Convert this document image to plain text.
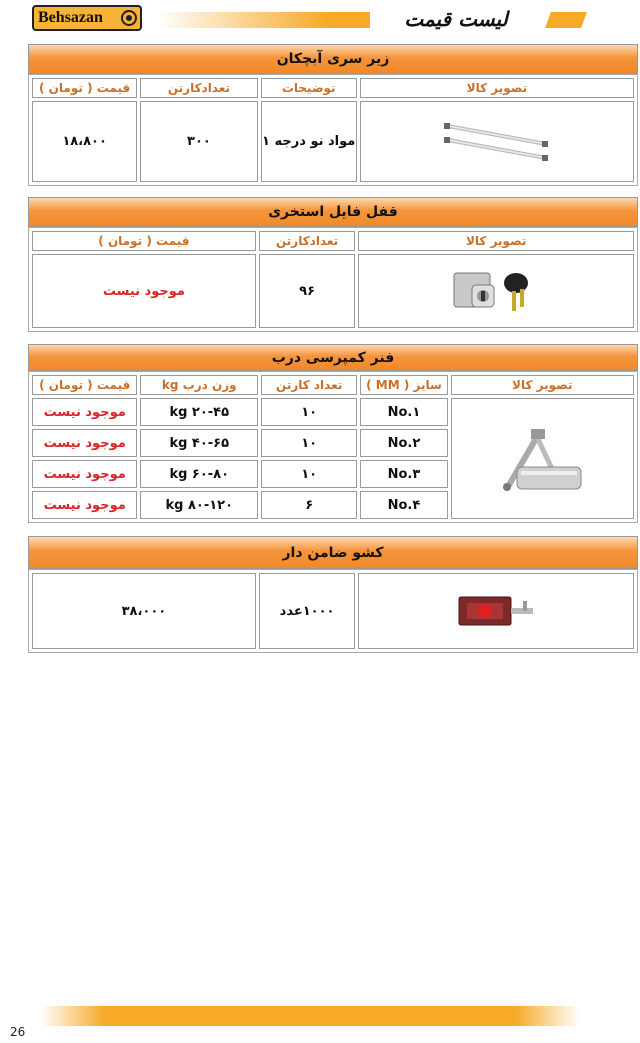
Behsazan	لیست قیمت
زیر سری آبچکان
تصویر کالا	توضیحات	تعدادکارتن	قیمت ( تومان )

	مواد نو درجه ۱	۳۰۰	۱۸،۸۰۰
قفل فایل استخری
تصویر کالا	تعدادکارتن	قیمت ( تومان )

	۹۶	موجود نیست
فنر کمپرسی درب
تصویر کالا	سایز ( MM )	تعداد کارتن	وزن درب kg	قیمت ( تومان )

	No.۱	۱۰	۲۰-۴۵ kg	موجود نیست
	No.۲	۱۰	۴۰-۶۵ kg	موجود نیست
	No.۳	۱۰	۶۰-۸۰ kg	موجود نیست
	No.۴	۶	۸۰-۱۲۰ kg	موجود نیست
کشو ضامن دار
	۱۰۰۰عدد	۳۸،۰۰۰
26
